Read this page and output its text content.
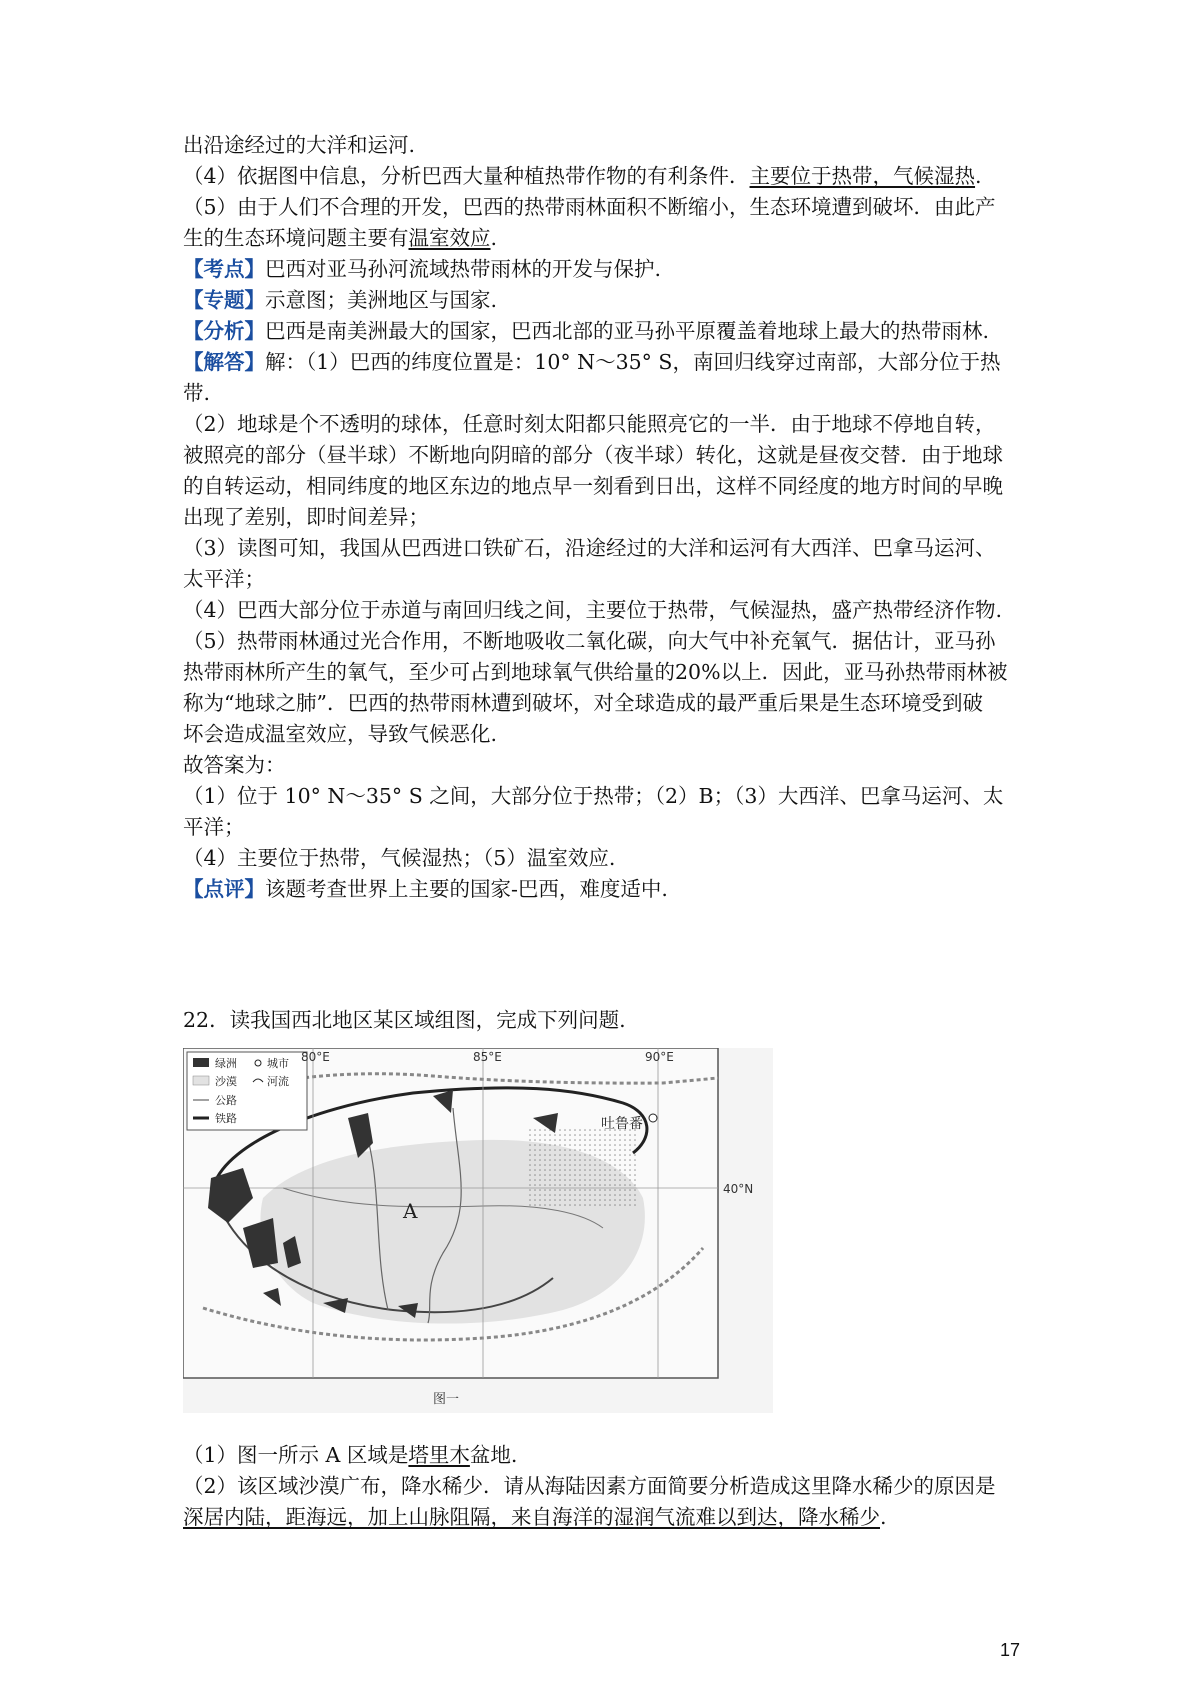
出沿途经过的大洋和运河.
（4）依据图中信息，分析巴西大量种植热带作物的有利条件．主要位于热带，气候湿热.
（5）由于人们不合理的开发，巴西的热带雨林面积不断缩小，生态环境遭到破坏．由此产
生的生态环境问题主要有温室效应.
【考点】巴西对亚马孙河流域热带雨林的开发与保护.
【专题】示意图；美洲地区与国家.
【分析】巴西是南美洲最大的国家，巴西北部的亚马孙平原覆盖着地球上最大的热带雨林.
【解答】解：（1）巴西的纬度位置是：10° N～35° S，南回归线穿过南部，大部分位于热
带.
（2）地球是个不透明的球体，任意时刻太阳都只能照亮它的一半．由于地球不停地自转，
被照亮的部分（昼半球）不断地向阴暗的部分（夜半球）转化，这就是昼夜交替．由于地球
的自转运动，相同纬度的地区东边的地点早一刻看到日出，这样不同经度的地方时间的早晚
出现了差别，即时间差异；
（3）读图可知，我国从巴西进口铁矿石，沿途经过的大洋和运河有大西洋、巴拿马运河、
太平洋；
（4）巴西大部分位于赤道与南回归线之间，主要位于热带，气候湿热，盛产热带经济作物.
（5）热带雨林通过光合作用，不断地吸收二氧化碳，向大气中补充氧气．据估计，亚马孙
热带雨林所产生的氧气，至少可占到地球氧气供给量的20%以上．因此，亚马孙热带雨林被
称为“地球之肺”．巴西的热带雨林遭到破坏，对全球造成的最严重后果是生态环境受到破
坏会造成温室效应，导致气候恶化.
故答案为：
（1）位于 10° N～35° S 之间，大部分位于热带；（2）B；（3）大西洋、巴拿马运河、太
平洋；
（4）主要位于热带，气候湿热；（5）温室效应.
【点评】该题考查世界上主要的国家-巴西，难度适中.
22．读我国西北地区某区域组图，完成下列问题.
绿洲	城市
沙漠	河流
公路
铁路
80°E	85°E	90°E
40°N
A
吐鲁番
图一
（1）图一所示 A 区域是塔里木盆地.
（2）该区域沙漠广布，降水稀少．请从海陆因素方面简要分析造成这里降水稀少的原因是
深居内陆，距海远，加上山脉阻隔，来自海洋的湿润气流难以到达，降水稀少.
17
